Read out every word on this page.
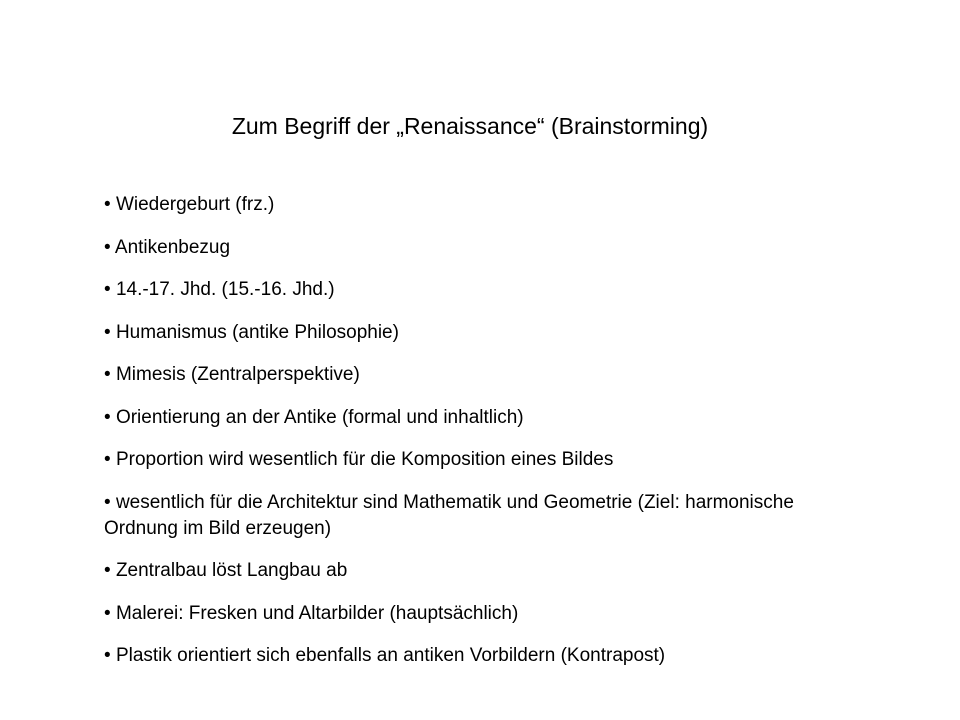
Zum Begriff der „Renaissance“ (Brainstorming)
• Wiedergeburt (frz.)
• Antikenbezug
• 14.-17. Jhd. (15.-16. Jhd.)
• Humanismus (antike Philosophie)
• Mimesis (Zentralperspektive)
• Orientierung an der Antike (formal und inhaltlich)
• Proportion wird wesentlich für die Komposition eines Bildes
• wesentlich für die Architektur sind Mathematik und Geometrie (Ziel: harmonische Ordnung im Bild erzeugen)
• Zentralbau löst Langbau ab
• Malerei: Fresken und Altarbilder (hauptsächlich)
• Plastik orientiert sich ebenfalls an antiken Vorbildern (Kontrapost)
